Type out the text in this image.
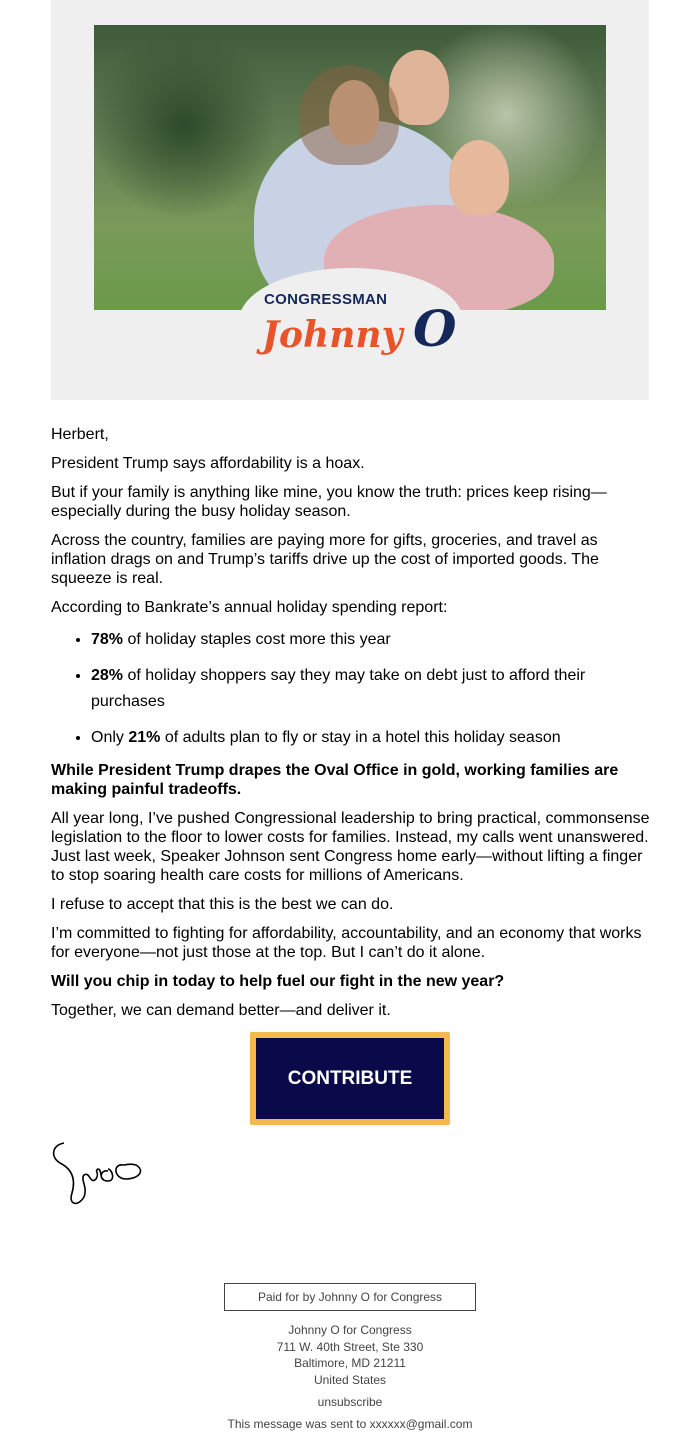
CONGRESSMAN
Johnny O

Herbert,

President Trump says affordability is a hoax.

But if your family is anything like mine, you know the truth: prices keep rising—especially during the busy holiday season.

Across the country, families are paying more for gifts, groceries, and travel as inflation drags on and Trump’s tariffs drive up the cost of imported goods. The squeeze is real.

According to Bankrate’s annual holiday spending report:

• 78% of holiday staples cost more this year
• 28% of holiday shoppers say they may take on debt just to afford their purchases
• Only 21% of adults plan to fly or stay in a hotel this holiday season

While President Trump drapes the Oval Office in gold, working families are making painful tradeoffs.

All year long, I’ve pushed Congressional leadership to bring practical, commonsense legislation to the floor to lower costs for families. Instead, my calls went unanswered. Just last week, Speaker Johnson sent Congress home early—without lifting a finger to stop soaring health care costs for millions of Americans.

I refuse to accept that this is the best we can do.

I’m committed to fighting for affordability, accountability, and an economy that works for everyone—not just those at the top. But I can’t do it alone.

Will you chip in today to help fuel our fight in the new year?

Together, we can demand better—and deliver it.

CONTRIBUTE
Paid for by Johnny O for Congress
Johnny O for Congress
711 W. 40th Street, Ste 330
Baltimore, MD 21211
United States
unsubscribe
This message was sent to xxxxxx@gmail.com
